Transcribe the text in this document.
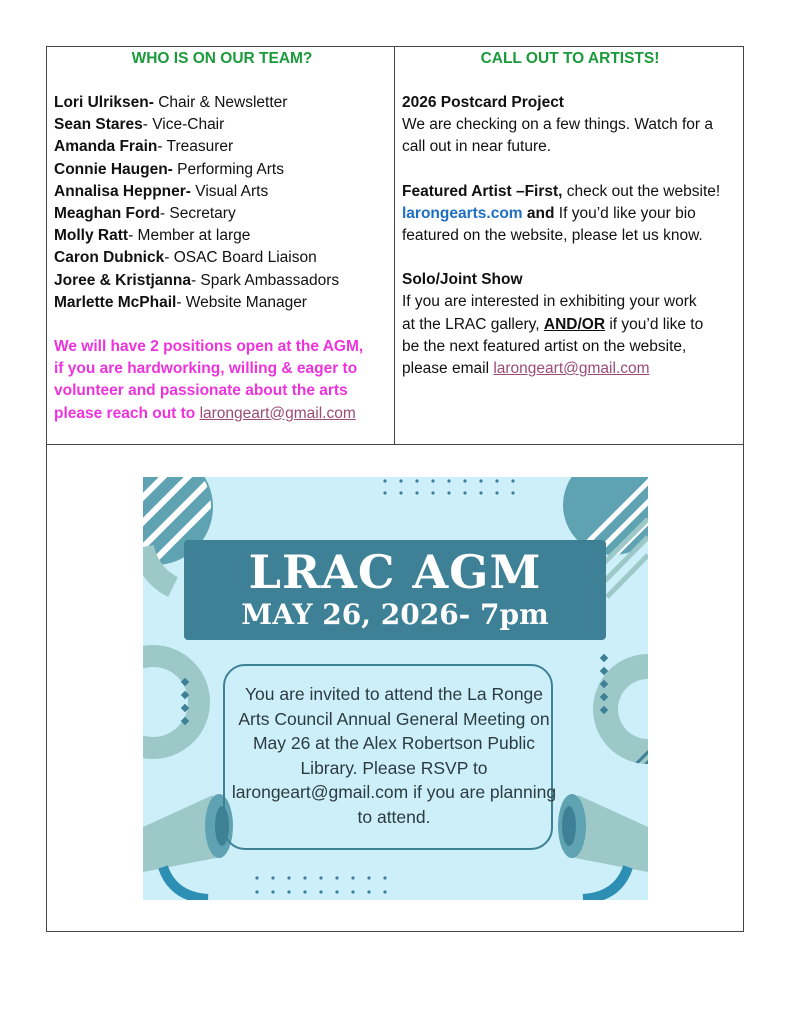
WHO IS ON OUR TEAM?
Lori Ulriksen- Chair & Newsletter
Sean Stares- Vice-Chair
Amanda Frain- Treasurer
Connie Haugen- Performing Arts
Annalisa Heppner- Visual Arts
Meaghan Ford- Secretary
Molly Ratt- Member at large
Caron Dubnick- OSAC Board Liaison
Joree & Kristjanna- Spark Ambassadors
Marlette McPhail- Website Manager
We will have 2 positions open at the AGM,
if you are hardworking, willing & eager to
volunteer and passionate about the arts
please reach out to larongeart@gmail.com
CALL OUT TO ARTISTS!
2026 Postcard Project
We are checking on a few things. Watch for a
call out in near future.
Featured Artist –First, check out the website!
larongearts.com and If you’d like your bio
featured on the website, please let us know.
Solo/Joint Show
If you are interested in exhibiting your work
at the LRAC gallery, AND/OR if you’d like to
be the next featured artist on the website,
please email larongeart@gmail.com
LRAC AGM
MAY 26, 2026- 7pm
You are invited to attend the La Ronge
Arts Council Annual General Meeting on
May 26 at the Alex Robertson Public
Library. Please RSVP to
larongeart@gmail.com if you are planning
to attend.
